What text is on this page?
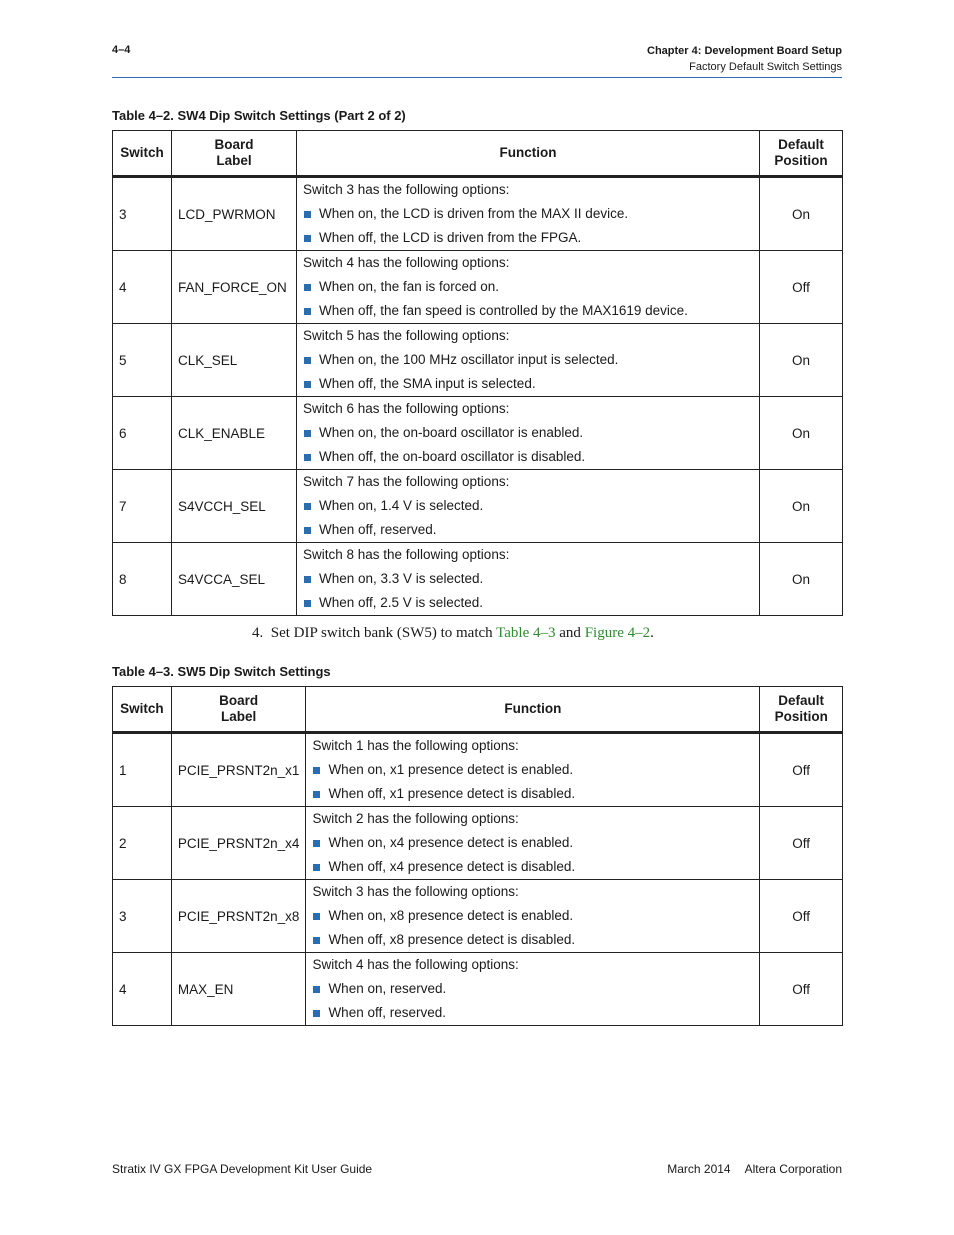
4–4	Chapter 4: Development Board Setup
Factory Default Switch Settings
Table 4–2. SW4 Dip Switch Settings (Part 2 of 2)
Switch	Board
Label	Function	Default
Position
3	LCD_PWRMON	Switch 3 has the following options:
When on, the LCD is driven from the MAX II device.
When off, the LCD is driven from the FPGA.	On
4	FAN_FORCE_ON	Switch 4 has the following options:
When on, the fan is forced on.
When off, the fan speed is controlled by the MAX1619 device.	Off
5	CLK_SEL	Switch 5 has the following options:
When on, the 100 MHz oscillator input is selected.
When off, the SMA input is selected.	On
6	CLK_ENABLE	Switch 6 has the following options:
When on, the on-board oscillator is enabled.
When off, the on-board oscillator is disabled.	On
7	S4VCCH_SEL	Switch 7 has the following options:
When on, 1.4 V is selected.
When off, reserved.	On
8	S4VCCA_SEL	Switch 8 has the following options:
When on, 3.3 V is selected.
When off, 2.5 V is selected.	On
4. Set DIP switch bank (SW5) to match Table 4–3 and Figure 4–2.
Table 4–3. SW5 Dip Switch Settings
Switch	Board
Label	Function	Default
Position
1	PCIE_PRSNT2n_x1	Switch 1 has the following options:
When on, x1 presence detect is enabled.
When off, x1 presence detect is disabled.	Off
2	PCIE_PRSNT2n_x4	Switch 2 has the following options:
When on, x4 presence detect is enabled.
When off, x4 presence detect is disabled.	Off
3	PCIE_PRSNT2n_x8	Switch 3 has the following options:
When on, x8 presence detect is enabled.
When off, x8 presence detect is disabled.	Off
4	MAX_EN	Switch 4 has the following options:
When on, reserved.
When off, reserved.	Off
Stratix IV GX FPGA Development Kit User Guide	March 2014 Altera Corporation
